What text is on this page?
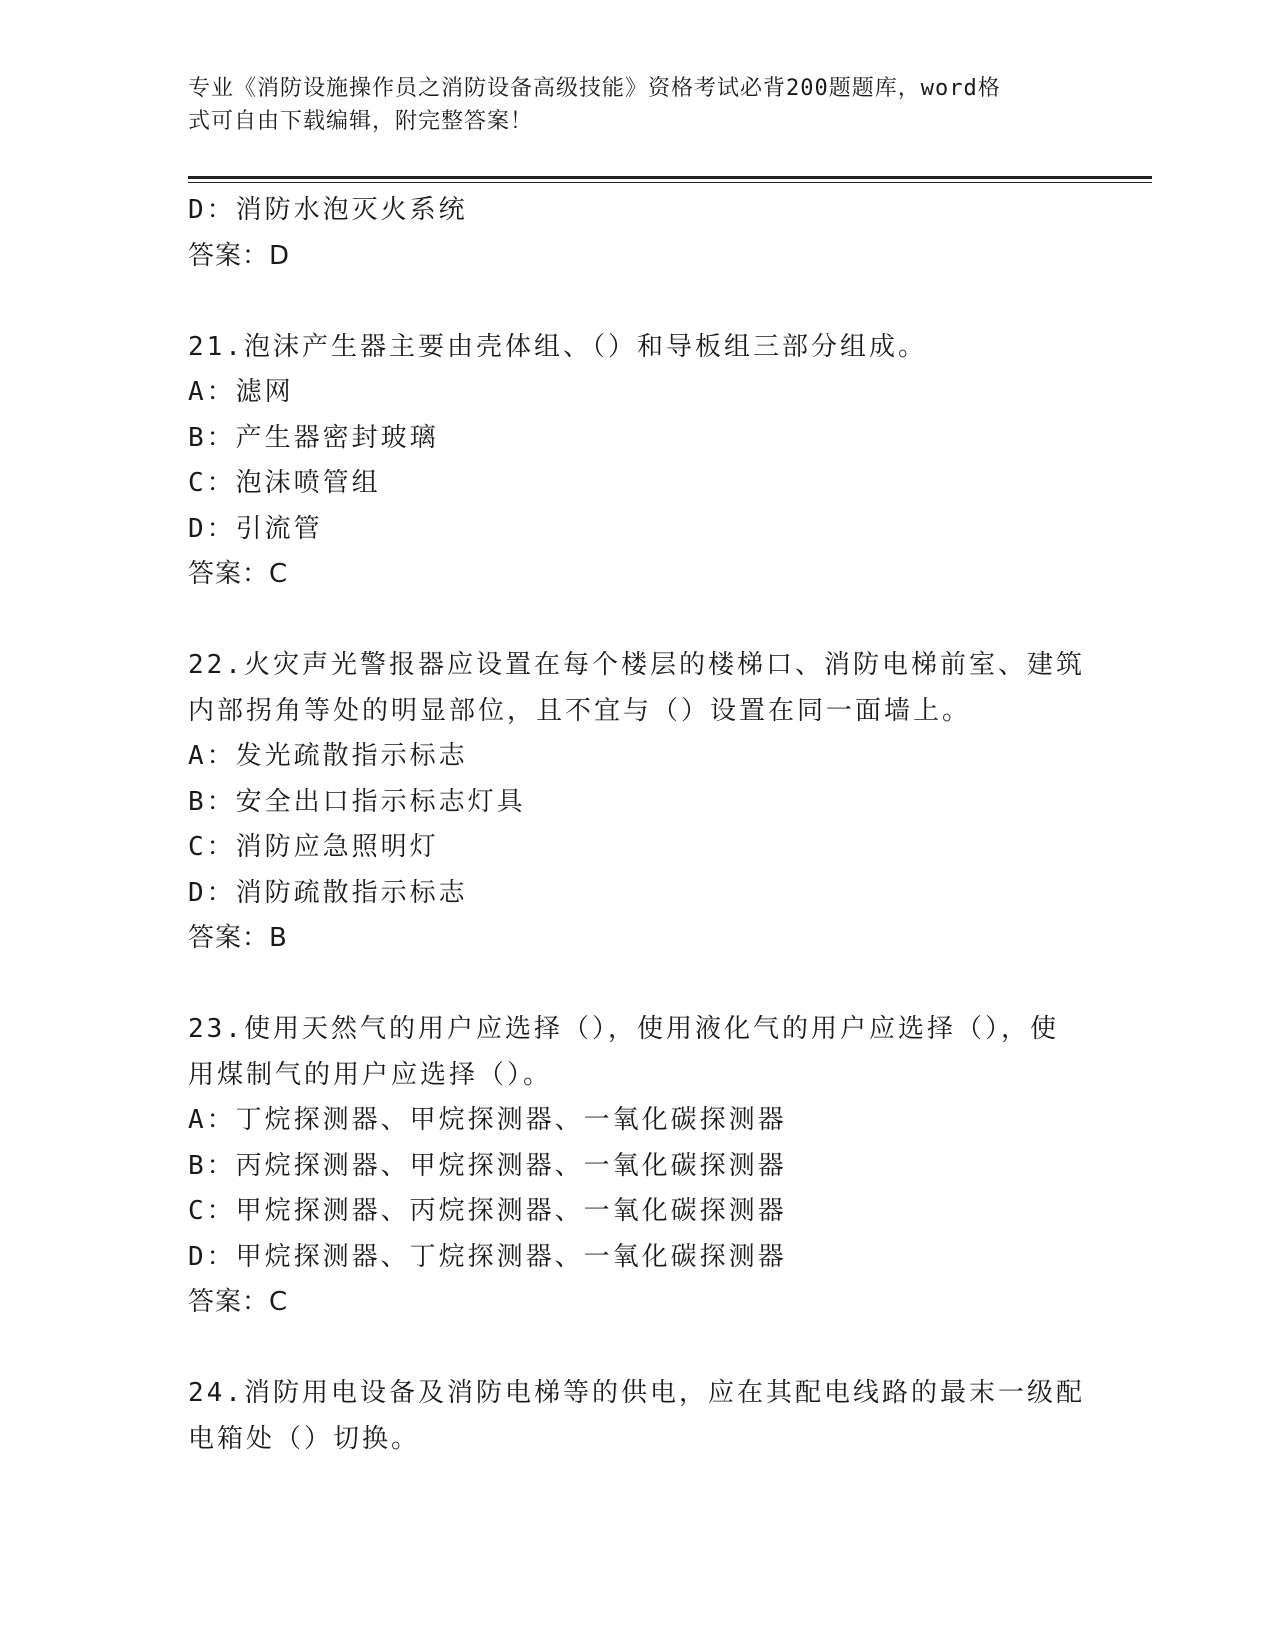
专业《消防设施操作员之消防设备高级技能》资格考试必背200题题库，word格
式可自由下载编辑，附完整答案！
D：消防水泡灭火系统
答案：D
21.泡沫产生器主要由壳体组、（）和导板组三部分组成。
A：滤网
B：产生器密封玻璃
C：泡沫喷管组
D：引流管
答案：C
22.火灾声光警报器应设置在每个楼层的楼梯口、消防电梯前室、建筑
内部拐角等处的明显部位，且不宜与（）设置在同一面墙上。
A：发光疏散指示标志
B：安全出口指示标志灯具
C：消防应急照明灯
D：消防疏散指示标志
答案：B
23.使用天然气的用户应选择（），使用液化气的用户应选择（），使
用煤制气的用户应选择（）。
A：丁烷探测器、甲烷探测器、一氧化碳探测器
B：丙烷探测器、甲烷探测器、一氧化碳探测器
C：甲烷探测器、丙烷探测器、一氧化碳探测器
D：甲烷探测器、丁烷探测器、一氧化碳探测器
答案：C
24.消防用电设备及消防电梯等的供电，应在其配电线路的最末一级配
电箱处（）切换。
